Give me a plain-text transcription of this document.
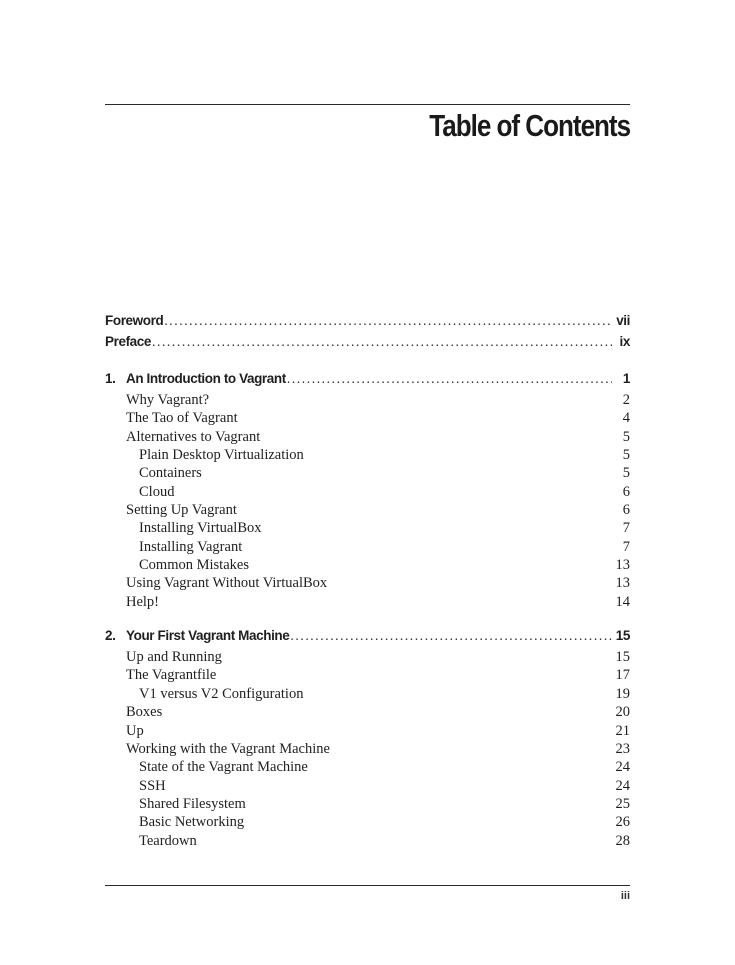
Table of Contents
Foreword .....	vii
Preface .....	ix
1. An Introduction to Vagrant .....	1
Why Vagrant?	2
The Tao of Vagrant	4
Alternatives to Vagrant	5
Plain Desktop Virtualization	5
Containers	5
Cloud	6
Setting Up Vagrant	6
Installing VirtualBox	7
Installing Vagrant	7
Common Mistakes	13
Using Vagrant Without VirtualBox	13
Help!	14
2. Your First Vagrant Machine .....	15
Up and Running	15
The Vagrantfile	17
V1 versus V2 Configuration	19
Boxes	20
Up	21
Working with the Vagrant Machine	23
State of the Vagrant Machine	24
SSH	24
Shared Filesystem	25
Basic Networking	26
Teardown	28
iii
